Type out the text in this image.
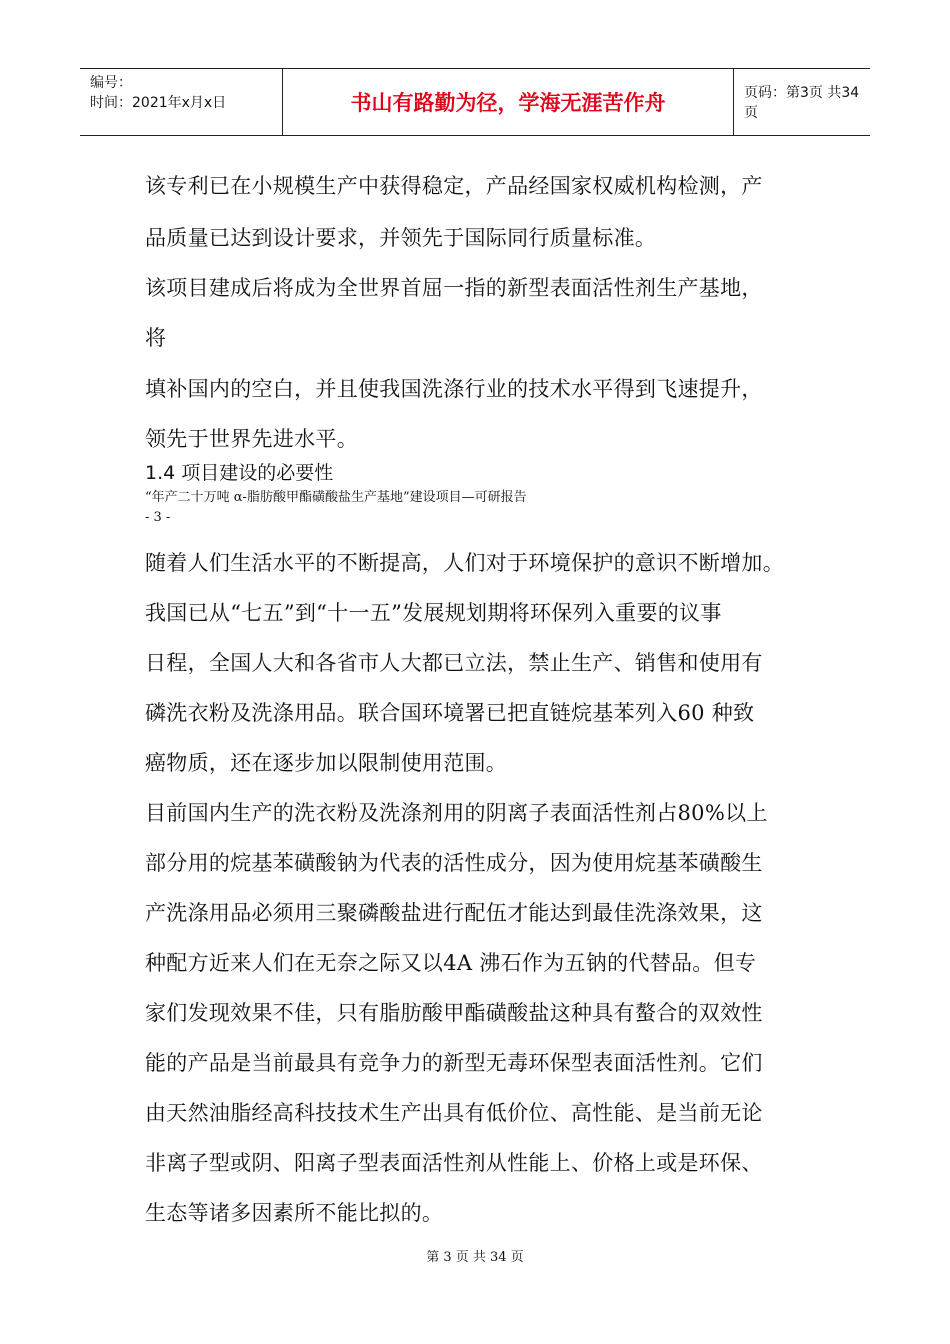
编号：
时间：2021年x月x日	书山有路勤为径，学海无涯苦作舟	页码：第3页 共34页
该专利已在小规模生产中获得稳定，产品经国家权威机构检测，产
品质量已达到设计要求，并领先于国际同行质量标准。
该项目建成后将成为全世界首屈一指的新型表面活性剂生产基地，
将
填补国内的空白，并且使我国洗涤行业的技术水平得到飞速提升，
领先于世界先进水平。
1.4 项目建设的必要性
“年产二十万吨 α-脂肪酸甲酯磺酸盐生产基地”建设项目—可研报告
- 3 -
随着人们生活水平的不断提高，人们对于环境保护的意识不断增加。
我国已从“七五”到“十一五”发展规划期将环保列入重要的议事
日程，全国人大和各省市人大都已立法，禁止生产、销售和使用有
磷洗衣粉及洗涤用品。联合国环境署已把直链烷基苯列入60 种致
癌物质，还在逐步加以限制使用范围。
目前国内生产的洗衣粉及洗涤剂用的阴离子表面活性剂占80%以上
部分用的烷基苯磺酸钠为代表的活性成分，因为使用烷基苯磺酸生
产洗涤用品必须用三聚磷酸盐进行配伍才能达到最佳洗涤效果，这
种配方近来人们在无奈之际又以4A 沸石作为五钠的代替品。但专
家们发现效果不佳，只有脂肪酸甲酯磺酸盐这种具有螯合的双效性
能的产品是当前最具有竞争力的新型无毒环保型表面活性剂。它们
由天然油脂经高科技技术生产出具有低价位、高性能、是当前无论
非离子型或阴、阳离子型表面活性剂从性能上、价格上或是环保、
生态等诸多因素所不能比拟的。
第 3 页 共 34 页
